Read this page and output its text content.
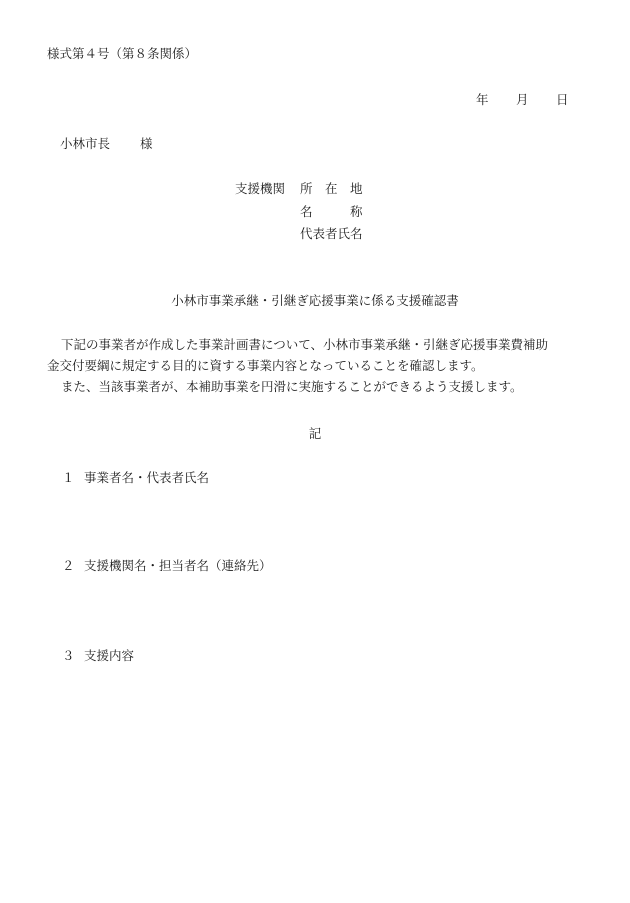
様式第４号（第８条関係）
年 月 日
小林市長 様
支援機関 所　在　地
名　　　称
代表者氏名
小林市事業承継・引継ぎ応援事業に係る支援確認書
下記の事業者が作成した事業計画書について、小林市事業承継・引継ぎ応援事業費補助
金交付要綱に規定する目的に資する事業内容となっていることを確認します。
また、当該事業者が、本補助事業を円滑に実施することができるよう支援します。
記
１ 事業者名・代表者氏名
２ 支援機関名・担当者名（連絡先）
３ 支援内容
